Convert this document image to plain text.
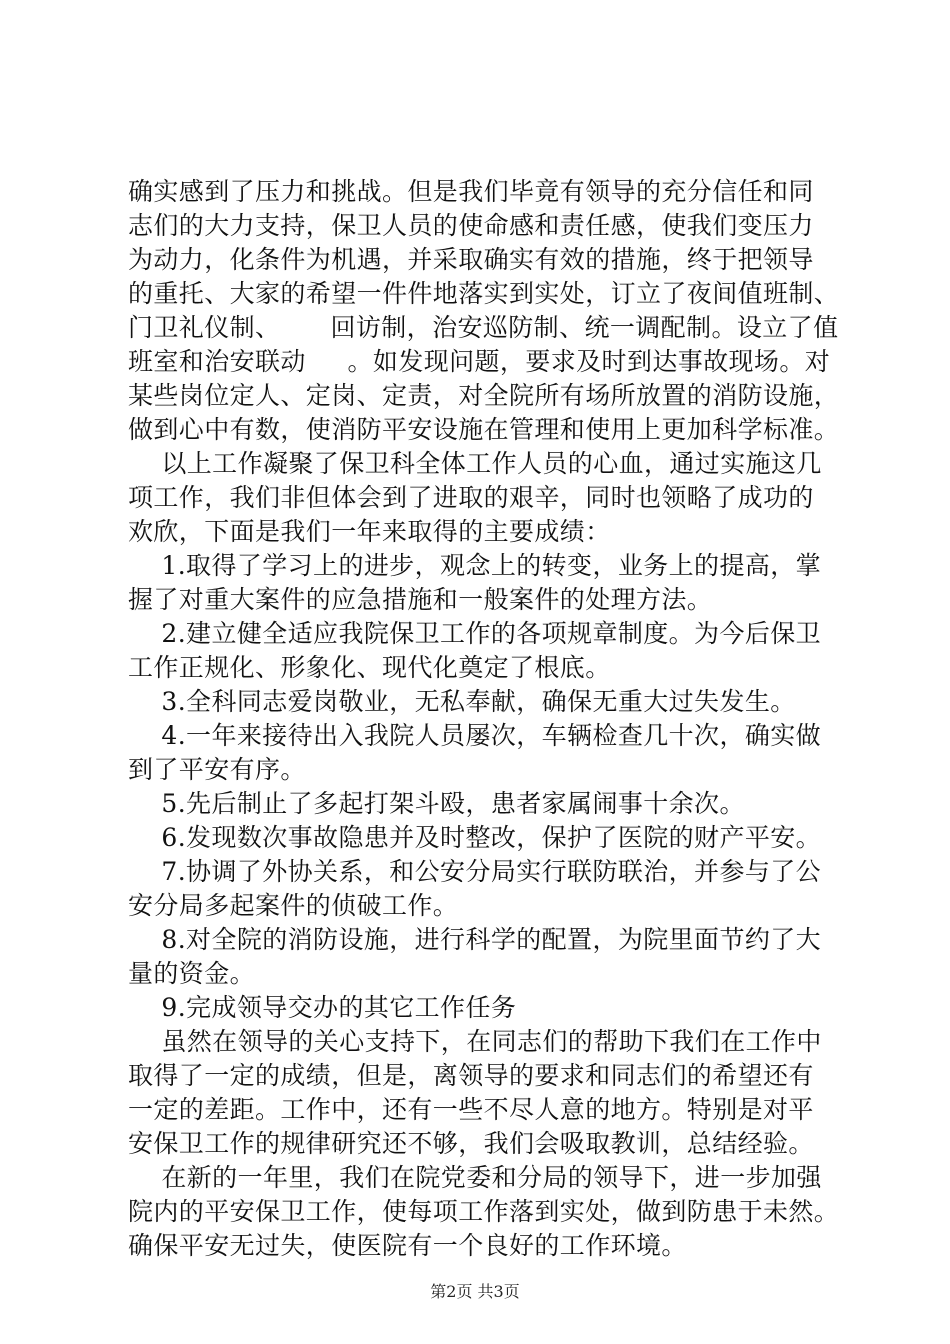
确实感到了压力和挑战。但是我们毕竟有领导的充分信任和同
志们的大力支持，保卫人员的使命感和责任感，使我们变压力
为动力，化条件为机遇，并采取确实有效的措施，终于把领导
的重托、大家的希望一件件地落实到实处，订立了夜间值班制、
门卫礼仪制、      回访制，治安巡防制、统一调配制。设立了值
班室和治安联动     。如发现问题，要求及时到达事故现场。对
某些岗位定人、定岗、定责，对全院所有场所放置的消防设施，
做到心中有数，使消防平安设施在管理和使用上更加科学标准。
以上工作凝聚了保卫科全体工作人员的心血，通过实施这几
项工作，我们非但体会到了进取的艰辛，同时也领略了成功的
欢欣，下面是我们一年来取得的主要成绩：
1.取得了学习上的进步，观念上的转变，业务上的提高，掌
握了对重大案件的应急措施和一般案件的处理方法。
2.建立健全适应我院保卫工作的各项规章制度。为今后保卫
工作正规化、形象化、现代化奠定了根底。
3.全科同志爱岗敬业，无私奉献，确保无重大过失发生。
4.一年来接待出入我院人员屡次，车辆检查几十次，确实做
到了平安有序。
5.先后制止了多起打架斗殴，患者家属闹事十余次。
6.发现数次事故隐患并及时整改，保护了医院的财产平安。
7.协调了外协关系，和公安分局实行联防联治，并参与了公
安分局多起案件的侦破工作。
8.对全院的消防设施，进行科学的配置，为院里面节约了大
量的资金。
9.完成领导交办的其它工作任务
虽然在领导的关心支持下，在同志们的帮助下我们在工作中
取得了一定的成绩，但是，离领导的要求和同志们的希望还有
一定的差距。工作中，还有一些不尽人意的地方。特别是对平
安保卫工作的规律研究还不够，我们会吸取教训，总结经验。
在新的一年里，我们在院党委和分局的领导下，进一步加强
院内的平安保卫工作，使每项工作落到实处，做到防患于未然。
确保平安无过失，使医院有一个良好的工作环境。
第2页 共3页
